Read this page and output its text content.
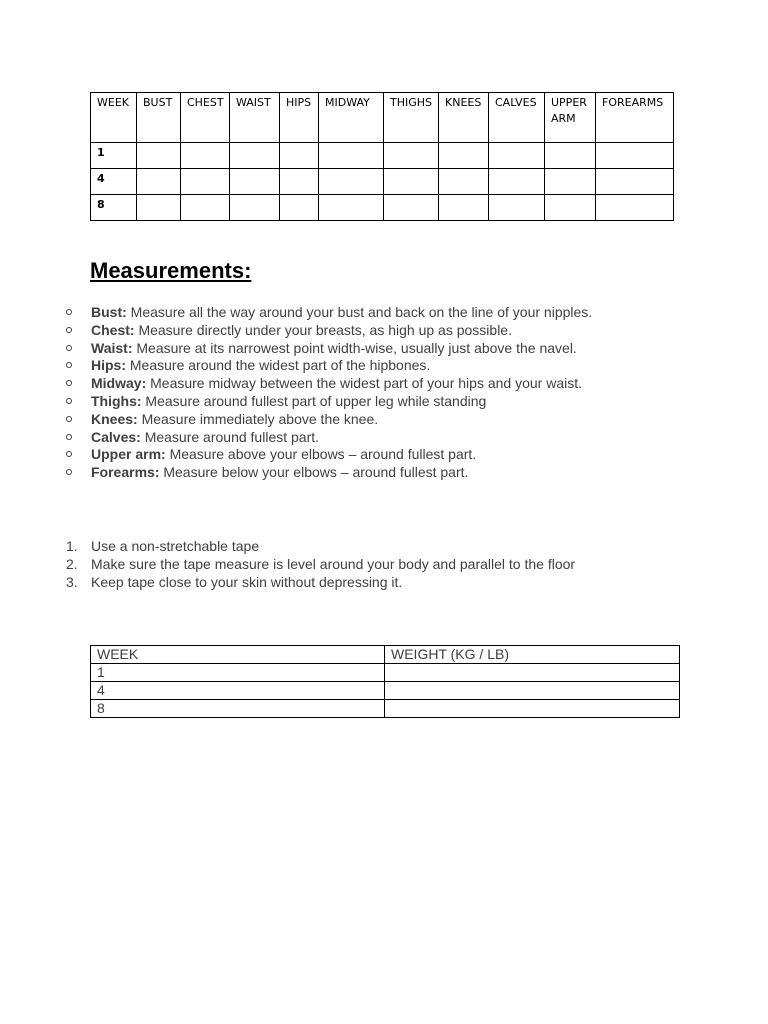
WEEK	BUST	CHEST	WAIST	HIPS	MIDWAY	THIGHS	KNEES	CALVES	UPPER ARM	FOREARMS
1										
4										
8										
Measurements:
Bust: Measure all the way around your bust and back on the line of your nipples.
Chest: Measure directly under your breasts, as high up as possible.
Waist: Measure at its narrowest point width-wise, usually just above the navel.
Hips: Measure around the widest part of the hipbones.
Midway: Measure midway between the widest part of your hips and your waist.
Thighs: Measure around fullest part of upper leg while standing
Knees: Measure immediately above the knee.
Calves: Measure around fullest part.
Upper arm: Measure above your elbows – around fullest part.
Forearms: Measure below your elbows – around fullest part.
1. Use a non-stretchable tape
2. Make sure the tape measure is level around your body and parallel to the floor
3. Keep tape close to your skin without depressing it.
WEEK	WEIGHT (KG / LB)
1	
4	
8	
